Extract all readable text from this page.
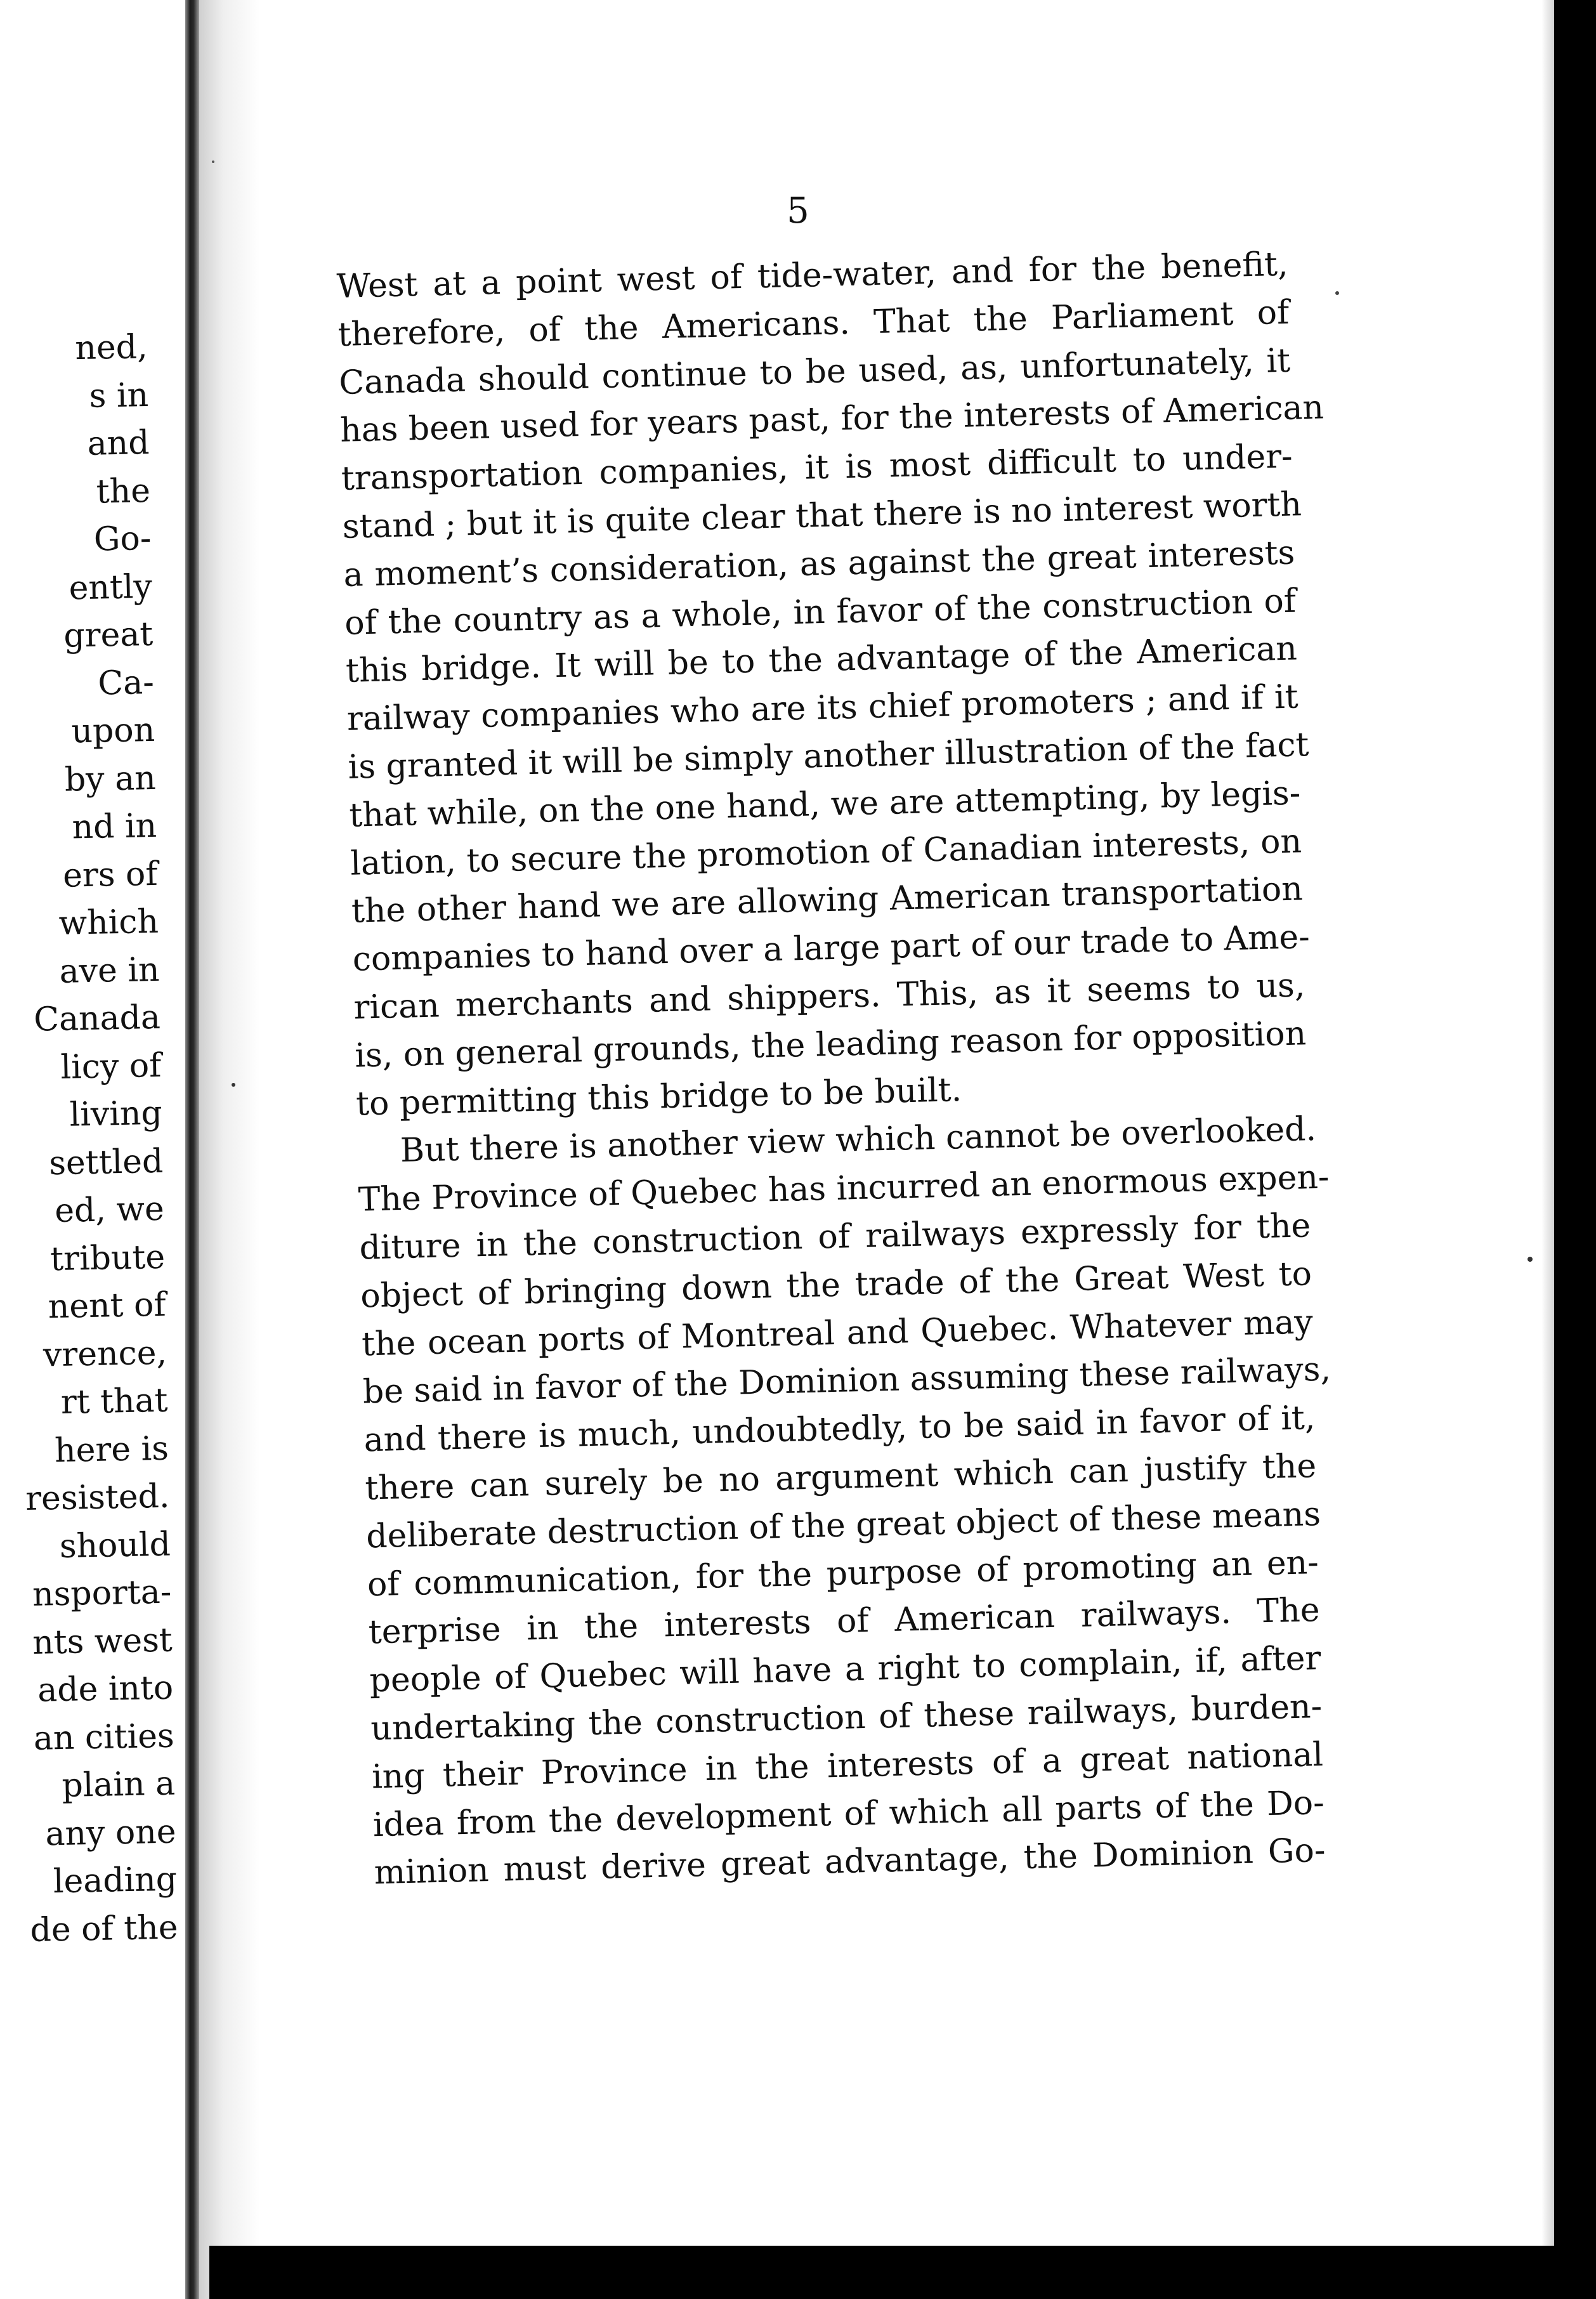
ned,
s in
and
the
Go-
ently
great
Ca-
upon
by an
nd in
ers of
which
ave in
Canada
licy of
living
settled
ed, we
tribute
nent of
vrence,
rt that
here is
resisted.
should
nsporta-
nts west
ade into
an cities
plain a
any one
leading
de of the
5
West at a point west of tide-water, and for the benefit,
therefore, of the Americans. That the Parliament of
Canada should continue to be used, as, unfortunately, it
has been used for years past, for the interests of American
transportation companies, it is most difficult to under-
stand ; but it is quite clear that there is no interest worth
a moment’s consideration, as against the great interests
of the country as a whole, in favor of the construction of
this bridge. It will be to the advantage of the American
railway companies who are its chief promoters ; and if it
is granted it will be simply another illustration of the fact
that while, on the one hand, we are attempting, by legis-
lation, to secure the promotion of Canadian interests, on
the other hand we are allowing American transportation
companies to hand over a large part of our trade to Ame-
rican merchants and shippers. This, as it seems to us,
is, on general grounds, the leading reason for opposition
to permitting this bridge to be built.
But there is another view which cannot be overlooked.
The Province of Quebec has incurred an enormous expen-
diture in the construction of railways expressly for the
object of bringing down the trade of the Great West to
the ocean ports of Montreal and Quebec. Whatever may
be said in favor of the Dominion assuming these railways,
and there is much, undoubtedly, to be said in favor of it,
there can surely be no argument which can justify the
deliberate destruction of the great object of these means
of communication, for the purpose of promoting an en-
terprise in the interests of American railways. The
people of Quebec will have a right to complain, if, after
undertaking the construction of these railways, burden-
ing their Province in the interests of a great national
idea from the development of which all parts of the Do-
minion must derive great advantage, the Dominion Go-
